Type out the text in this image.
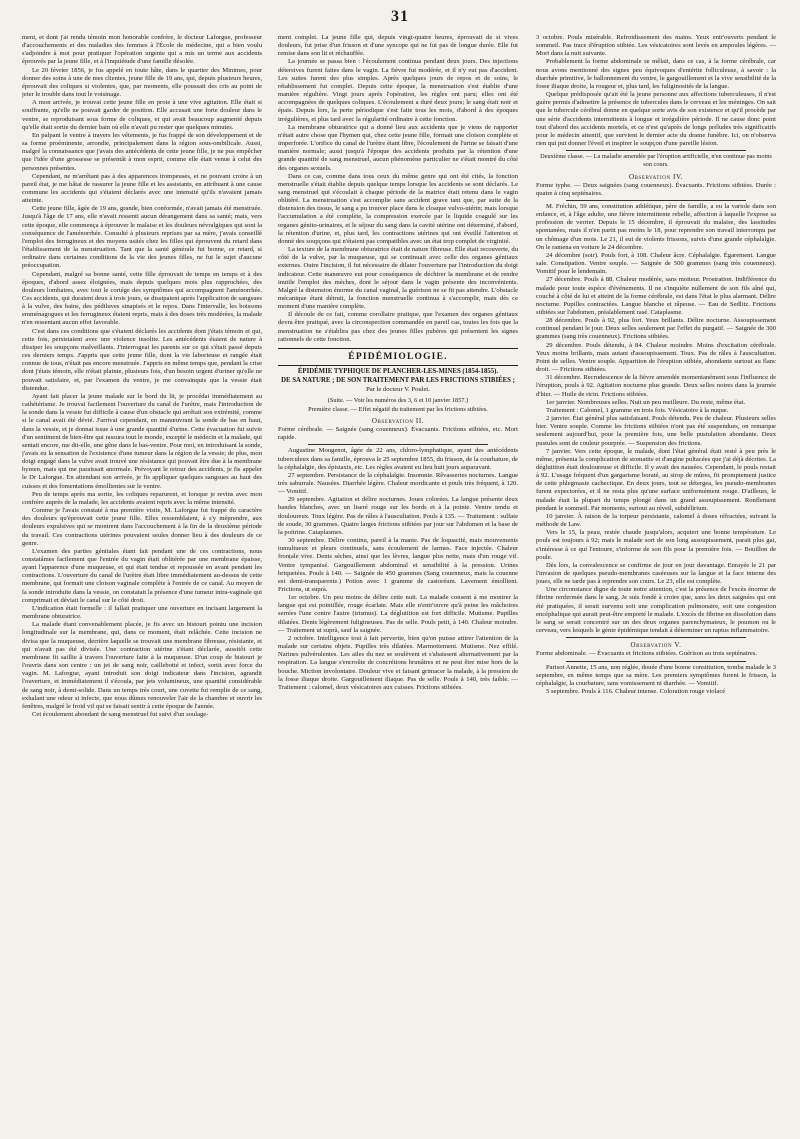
31

ment, et dont j'ai rendu témoin mon honorable confrère, le docteur Laforgue, professeur d'accouchements et des maladies des femmes à l'École de médecine, qui a bien voulu s'adjoindre à moi pour pratiquer l'opération urgente qui a mis un terme aux accidents éprouvés par la jeune fille, et à l'inquiétude d'une famille désolée.

Le 20 février 1856, je fus appelé en toute hâte, dans le quartier des Minimes, pour donner des soins à une de mes clientes, jeune fille de 19 ans, qui, depuis plusieurs heures, éprouvait des coliques si violentes, que, par moments, elle poussait des cris au point de jeter le trouble dans tout le voisinage.

A mon arrivée, je trouvai cette jeune fille en proie à une vive agitation. Elle était si souffrante, qu'elle ne pouvait garder de position. Elle accusait une forte douleur dans le ventre, se reproduisant sous forme de coliques, et qui avait beaucoup augmenté depuis qu'elle était sortie du dernier bain où elle n'avait pu rester que quelques minutes.

En palpant le ventre à travers les vêtements, je fus frappé de son développement et de sa forme proéminente, arrondie, principalement dans la région sous-ombilicale. Aussi, malgré la connaissance que j'avais des antécédents de cette jeune fille, je ne pus empêcher que l'idée d'une grossesse se présentât à mon esprit, comme elle était venue à celui des personnes présentes.

Cependant, ne m'arrêtant pas à des apparences trompeuses, et ne pouvant croire à un pareil état, je me hâtai de rassurer la jeune fille et les assistants, en attribuant à une cause commune les accidents qui s'étaient déclarés avec une intensité qu'ils n'avaient jamais atteinte.

Cette jeune fille, âgée de 19 ans, grande, bien conformée, n'avait jamais été menstruée. Jusqu'à l'âge de 17 ans, elle n'avait ressenti aucun dérangement dans sa santé; mais, vers cette époque, elle commença à éprouver le malaise et les douleurs névralgiques qui sont la conséquence de l'aménorrhée. Consulté à plusieurs reprises par sa mère, j'avais conseillé l'emploi des ferrugineux et des moyens usités chez les filles qui éprouvent du retard dans l'établissement de la menstruation. Tant que la santé générale fut bonne, ce retard, si ordinaire dans certaines conditions de la vie des jeunes filles, ne fut le sujet d'aucune préoccupation.

Cependant, malgré sa bonne santé, cette fille éprouvait de temps en temps et à des époques, d'abord assez éloignées, mais depuis quelques mois plus rapprochées, des douleurs lombaires, avec tout le cortége des symptômes qui accompagnent l'aménorrhée. Ces accidents, qui duraient deux à trois jours, se dissipaient après l'application de sangsues à la vulve, des bains, des pédiluves sinapisés et le repos. Dans l'intervalle, les boissons emménagogues et les ferrugineux étaient repris, mais à des doses très modérées, la malade n'en ressentant aucun effet favorable.

C'est dans ces conditions que s'étaient déclarés les accidents dont j'étais témoin et qui, cette fois, persistaient avec une violence insolite. Les antécédents étaient de nature à dissiper les soupçons malveillants. J'interrogeai les parents sur ce qui s'était passé depuis ces derniers temps. J'appris que cette jeune fille, dont la vie laborieuse et rangée était connue de tous, n'était pas encore menstruée. J'appris en même temps que, pendant la crise dont j'étais témoin, elle n'était plainte, plusieurs fois, d'un besoin urgent d'uriner qu'elle ne pouvait satisfaire, et, par l'examen du ventre, je me convainquis que la vessie était distendue.

Ayant fait placer la jeune malade sur le bord du lit, je procédai immédiatement au cathétérisme. Je trouvai facilement l'ouverture du canal de l'urètre, mais l'introduction de la sonde dans la vessie fut difficile à cause d'un obstacle qui arrêtait son extrémité, comme si le canal avait été dévié. J'arrivai cependant, en manœuvrant la sonde de bas en haut, dans la vessie, et je donnai issue à une grande quantité d'urine. Cette évacuation fut suivie d'un sentiment de bien-être qui rassura tout le monde, excepté le médecin et la malade, qui sentait encore, me dit-elle, une gêne dans le bas-ventre. Pour moi, en introduisant la sonde, j'avais eu la sensation de l'existence d'une tumeur dans la région de la vessie; de plus, mon doigt engagé dans la vulve avait trouvé une résistance qui pouvait être due à la membrane hymen, mais qui me paraissait anormale. Prévoyant le retour des accidents, je fis appeler le Dr Laforgue. En attendant son arrivée, je fis appliquer quelques sangsues au haut des cuisses et des fomentations émollientes sur le ventre.

Peu de temps après ma sortie, les coliques reparurent, et lorsque je revins avec mon confrère auprès de la malade, les accidents avaient repris avec la même intensité.

Comme je l'avais constaté à ma première visite, M. Laforgue fut frappé du caractère des douleurs qu'éprouvait cette jeune fille. Elles ressemblaient, à s'y méprendre, aux douleurs expulsives qui se montrent dans l'accouchement à la fin de la deuxième période du travail. Ces contractions utérines pouvaient seules donner lieu à des douleurs de ce genre.

L'examen des parties génitales étant fait pendant une de ces contractions, nous constatâmes facilement que l'entrée du vagin était oblitérée par une membrane épaisse, ayant l'apparence d'une muqueuse, et qui était tendue et repoussée en avant pendant les contractions. L'ouverture du canal de l'urètre était libre immédiatement au-dessus de cette membrane, qui formait une cloison vaginale complète à l'entrée de ce canal. Au moyen de la sonde introduite dans la vessie, on constatait la présence d'une tumeur intra-vaginale qui comprimait et déviait le canal sur le côté droit.

L'indication était formelle : il fallait pratiquer une ouverture en incisant largement la membrane obturatrice.

La malade étant convenablement placée, je fis avec un bistouri pointu une incision longitudinale sur la membrane, qui, dans ce moment, était relâchée. Cette incision ne divisa que la muqueuse, derrière laquelle se trouvait une membrane fibreuse, résistante, et qui n'avait pas été divisée. Une contraction utérine s'étant déclarée, aussitôt cette membrane fit saillie à travers l'ouverture faite à la muqueuse. D'un coup de bistouri je l'ouvris dans son centre : un jet de sang noir, caillebotté et infect, sortit avec force du vagin. M. Laforgue, ayant introduit son doigt indicateur dans l'incision, agrandit l'ouverture, et immédiatement il s'écoula, par jets volumineux, une quantité considérable de sang noir, à demi-solide. Dans un temps très court, une cuvette fut remplie de ce sang, exhalant une odeur si infecte, que nous dûmes renouveler l'air de la chambre et ouvrir les fenêtres, malgré le froid vif qui se faisait sentir à cette époque de l'année.

Cet écoulement abondant de sang menstruel fut suivi d'un soulage-

ment complet. La jeune fille qui, depuis vingt-quatre heures, éprouvait de si vives douleurs, fut prise d'un frisson et d'une syncope qui ne fut pas de longue durée. Elle fut remise dans son lit et réchauffée.

La journée se passa bien : l'écoulement continua pendant deux jours. Des injections détersives furent faites dans le vagin. La fièvre fut modérée, et il n'y eut pas d'accident. Les suites furent des plus simples. Après quelques jours de repos et de soins, le rétablissement fut complet. Depuis cette époque, la menstruation s'est établie d'une manière régulière. Vingt jours après l'opération, les règles ont paru; elles ont été accompagnées de quelques coliques. L'écoulement a duré deux jours; le sang était noir et épais. Depuis lors, la perte périodique s'est faite tous les mois, d'abord à des époques irrégulières, et plus tard avec la régularité ordinaire à cette fonction.

La membrane obturatrice qui a donné lieu aux accidents que je viens de rapporter n'était autre chose que l'hymen qui, chez cette jeune fille, formait une cloison complète et imperforée. L'orifice du canal de l'urètre étant libre, l'écoulement de l'urine se faisait d'une manière normale; aussi jusqu'à l'époque des accidents produits par la rétention d'une grande quantité de sang menstruel, aucun phénomène particulier ne s'était montré du côté des organes sexuels.

Dans ce cas, comme dans tous ceux du même genre qui ont été cités, la fonction menstruelle s'était établie depuis quelque temps lorsque les accidents se sont déclarés. Le sang menstruel qui s'écoulait à chaque période de la matrice était retenu dans le vagin oblitéré. La menstruation s'est accomplie sans accident grave tant que, par suite de la distension des tissus, le sang a pu trouver place dans le cloaque vulvo-utérin; mais lorsque l'accumulation a été complète, la compression exercée par le liquide coagulé sur les organes génito-urinaires, et le séjour du sang dans la cavité utérine ont déterminé, d'abord, la rétention d'urine, et, plus tard, les contractions utérines qui ont éveillé l'attention et donné des soupçons qui n'étaient pas compatibles avec un état trop complet de virginité.

La texture de la membrane obturatrice était de nature fibreuse. Elle était recouverte, du côté de la vulve, par la muqueuse, qui se continuait avec celle des organes génitaux externes. Outre l'incision, il fut nécessaire de dilater l'ouverture par l'introduction du doigt indicateur. Cette manœuvre eut pour conséquence de déchirer la membrane et de rendre inutile l'emploi des mèches, dont le séjour dans le vagin présente des inconvénients. Malgré la distension énorme du canal vaginal, la guérison ne se fit pas attendre. L'obstacle mécanique étant détruit, la fonction menstruelle continua à s'accomplir, mais dès ce moment d'une manière complète.

Il découle de ce fait, comme corollaire pratique, que l'examen des organes génitaux devra être pratiqué, avec la circonspection commandée en pareil cas, toutes les fois que la menstruation ne s'établira pas chez des jeunes filles pubères qui présentent les signes rationnels de cette fonction.

ÉPIDÉMIOLOGIE.
ÉPIDÉMIE TYPHIQUE DE PLANCHER-LES-MINES (1854-1855).
DE SA NATURE ; DE SON TRAITEMENT PAR LES FRICTIONS STIBIÉES ;
Par le docteur V. Poulet.
(Suite. — Voir les numéros des 3, 6 et 10 janvier 1857.)
Première classe. — Effet négatif du traitement par les frictions stibiées.
Observation II.

Forme cérébrale. — Saignée (sang couenneux). Évacuants. Frictions stibiées, etc. Mort rapide.

Augustine Mougenot, âgée de 22 ans, chloro-lymphatique, ayant des antécédents tuberculeux dans sa famille, éprouva le 25 septembre 1855, du frisson, de la courbature, de la céphalalgie, des épistaxis, etc. Les règles avaient eu lieu huit jours auparavant.

27 septembre. Persistance de la céphalalgie. Insomnie. Rêvasseries nocturnes. Langue très saburrale. Nausées. Diarrhée légère. Chaleur mordicante et pouls très fréquent, à 120. — Vomitif.

29 septembre. Agitation et délire nocturnes. Joues colorées. La langue présente deux bandes blanches, avec un liseré rouge sur les bords et à la pointe. Ventre tendu et douloureux. Toux légère. Pas de râles à l'auscultation. Pouls à 135. — Traitement : sulfate de soude, 30 grammes. Quatre larges frictions stibiées par jour sur l'abdomen et la base de la poitrine. Cataplasmes.

30 septembre. Délire continu, pareil à la manie. Pas de loquacité, mais mouvements tumultueux et pleurs continuels, sans écoulement de larmes. Face injectée. Chaleur fronțale vive. Dents sèches, ainsi que les lèvres, langue plus nette, mais d'un rouge vif. Ventre tympanisé. Gargouillement abdominal et sensibilité à la pression. Urines briquetées. Pouls à 140. — Saignée de 450 grammes (Sang couenneux, mais la couenne est demi-transparente.) Potion avec 1 gramme de castoréum. Lavement émollient. Frictions, ut suprà.

1er octobre. Un peu moins de délire cette nuit. La malade consent à me montrer la langue qui est pointillée, rouge écarlate. Mais elle n'entr'ouvre qu'à peine les mâchoires serrées l'une contre l'autre (trismus). La déglutition est fort difficile. Mutisme. Pupilles dilatées. Dents légèrement fuligineuses. Pas de selle. Pouls petit, à 140. Chaleur moindre. — Traitement ut suprà, sauf la saignée.

2 octobre. Intelligence tout à fait pervertie, bien qu'on puisse attirer l'attention de la malade sur certains objets. Pupilles très dilatées. Marmottement. Mutisme. Nez effilé. Narines pulvérulentes. Les ailes du nez se soulèvent et s'abaissent alternativement par la respiration. La langue s'encroûte de concrétions brunâtres et ne peut être mise hors de la bouche. Miction involontaire. Douleur vive et faisant grimacer la malade, à la pression de la fosse iliaque droite. Gargouillement iliaque. Pas de selle. Pouls à 140, très faible. — Traitement : calomel, deux vésicatoires aux cuisses. Frictions stibiées.

3 octobre. Pouls misérable. Refroidissement des mains. Yeux entr'ouverts pendant le sommeil. Pas trace d'éruption stibiée. Les vésicatoires sont levés en ampoules légères. — Mort dans la nuit suivante.

Probablement la forme abdominale se mêlait, dans ce cas, à la forme cérébrale, car nous avons mentionné des signes peu équivoques d'entérite folliculeuse, à savoir : la diarrhée primitive, le ballonnement du ventre, le gargouillement et la vive sensibilité de la fosse iliaque droite, la rougeur et, plus tard, les fuliginosités de la langue.

Quelque prédisposée qu'ait été la jeune personne aux affections tuberculeuses, il n'est guère permis d'admettre la présence de tubercules dans le cerveau et les méninges. On sait que le tubercule cérébral donne en quelque sorte avis de son existence et qu'il procède par une série d'accidents intermittents à longue et irrégulière période. Il ne cause donc point tout d'abord des accidents mortels, et ce n'est qu'après de longs préludes très significatifs pour le médecin attentif, que survient le dernier acte du drame funèbre. Ici, on n'observa rien qui put donner l'éveil et inspirer le soupçon d'une pareille lésion.

Deuxième classe. — La maladie amendée par l'éruption artificielle, n'en continue pas moins son cours.
Observation IV.

Forme typhe. — Deux saignées (sang couenneux). Évacuants. Frictions stibiées. Durée : quatre à cinq septénaires.

M. Fréchin, 59 ans, constitution athlétique, père de famille, a eu la variole dans son enfance, et, à l'âge adulte, une fièvre intermittente rebelle, affection à laquelle l'expose sa profession de verrier. Depuis le 15 décembre, il éprouvait du malaise, des lassitudes spontanées, mais il n'en partit pas moins le 18, pour reprendre son travail interrompu par un chômage d'un mois. Le 21, il eut de violents frissons, suivis d'une grande céphalalgie. On le ramena en voiture le 24 décembre.

24 décembre (soir). Pouls fort, à 108. Chaleur âcre. Céphalalgie. Égarement. Langue sale. Constipation. Ventre souple. — Saignée de 500 grammes (sang très couenneux). Vomitif pour le lendemain.

27 décembre. Pouls à 88. Chaleur modérée, sans moiteur. Prostration. Indifférence du malade pour toute espèce d'événements. Il ne s'inquiète nullement de son fils aîné qui, couché à côté de lui et atteint de la forme cérébrale, est dans l'état le plus alarmant. Délire nocturne. Pupilles contractées. Langue blanche et râpeuse. — Eau de Sedlitz. Frictions stibiées sur l'abdomen, préalablement rasé. Cataplasme.

28 décembre. Pouls à 92, plus fort. Yeux brillants. Délire nocturne. Assoupissement continuel pendant le jour. Deux selles seulement par l'effet du purgatif. — Saignée de 300 grammes (sang très couenneux). Frictions stibiées.

29 décembre. Pouls détendu, à 84. Chaleur moindre. Moins d'excitation cérébrale. Yeux moins brillants, mais autant d'assoupissement. Toux. Pas de râles à l'auscultation. Point de selles. Ventre souple. Apparition de l'éruption stibiée, abondante surtout au flanc droit. — Frictions stibiées.

31 décembre. Recrudescence de la fièvre amendée momentanément sous l'influence de l'éruption, pouls à 92. Agitation nocturne plus grande. Deux selles noires dans la journée d'hier. — Huile de ricin. Frictions stibiées.

1er janvier. Nombreuses selles. Nuit un peu meilleure. Du reste, même état.

Traitement : Calomel, 1 gramme en trois fois. Vésicatoire à la nuque.

2 janvier. État général plus satisfaisant. Pouls détendu. Peu de chaleur. Plusieurs selles hier. Ventre souple. Comme les frictions stibiées n'ont pas été suspendues, on remarque seulement aujourd'hui, pour la première fois, une belle pustulation abondante. Deux pustules sont de couleur pourprée. — Suspension des frictions.

7 janvier. Vers cette époque, le malade, dont l'état général était resté à peu près le même, présenta la complication de stomatite et d'angine pultacées que j'ai déjà décrites. La déglutition était douloureuse et difficile. Il y avait des nausées. Cependant, le pouls restait à 92. L'usage fréquent d'un gargarisme boraté, au sirop de mûres, fit promptement justice de cette phlegmasie cachectique. En deux jours, tout se détergea, les pseudo-membranes furent expectorées, et il ne resta plus qu'une surface uniformément rouge. D'ailleurs, le malade était la plupart du temps plongé dans un grand assoupissement. Ronflement pendant le sommeil. Par moments, surtout au réveil, subdélirium.

10 janvier. À raison de la torpeur persistante, calomel à doses réfractées, suivant la méthode de Law.

Vers le 15, la peau, restée chaude jusqu'alors, acquiert une bonne température. Le pouls est toujours à 92; mais le malade sort de son long assoupissement, parait plus gai, s'intéresse à ce qui l'entoure, s'informe de son fils pour la première fois. — Bouillon de poule.

Dès lors, la convalescence se confirme de jour en jour davantage. Enrayée le 21 par l'invasion de quelques pseudo-membranes caséeuses sur la langue et la face interne des joues, elle ne tarde pas à reprendre son cours. Le 23, elle est complète.

Une circonstance digne de toute notre attention, c'est la présence de l'excès énorme de fibrine renfermée dans le sang. Je suis fondé à croire que, sans les deux saignées qui ont été pratiquées, il serait survenu soit une complication pulmonaire, soit une congestion encéphalique qui aurait peut-être emporté le malade. L'excès de fibrine en dissolution dans le sang se serait concentré sur un des deux organes parenchymateux, le poumon ou le cerveau, vers lesquels le génie épidémique tendait à déterminer un raptus inflammatoire.

Observation V.

Forme abdominale. — Évacuants et frictions stibiées. Guérison au trois septénaires.

Parisot Annette, 15 ans, non réglée, douée d'une bonne constitution, tomba malade le 3 septembre, en même temps que sa mère. Les premiers symptômes furent le frisson, la céphalalgie, la courbature, sans vomissement ni diarrhée. — Vomitif.

5 septembre. Pouls à 116. Chaleur intense. Coloration rouge violacé
